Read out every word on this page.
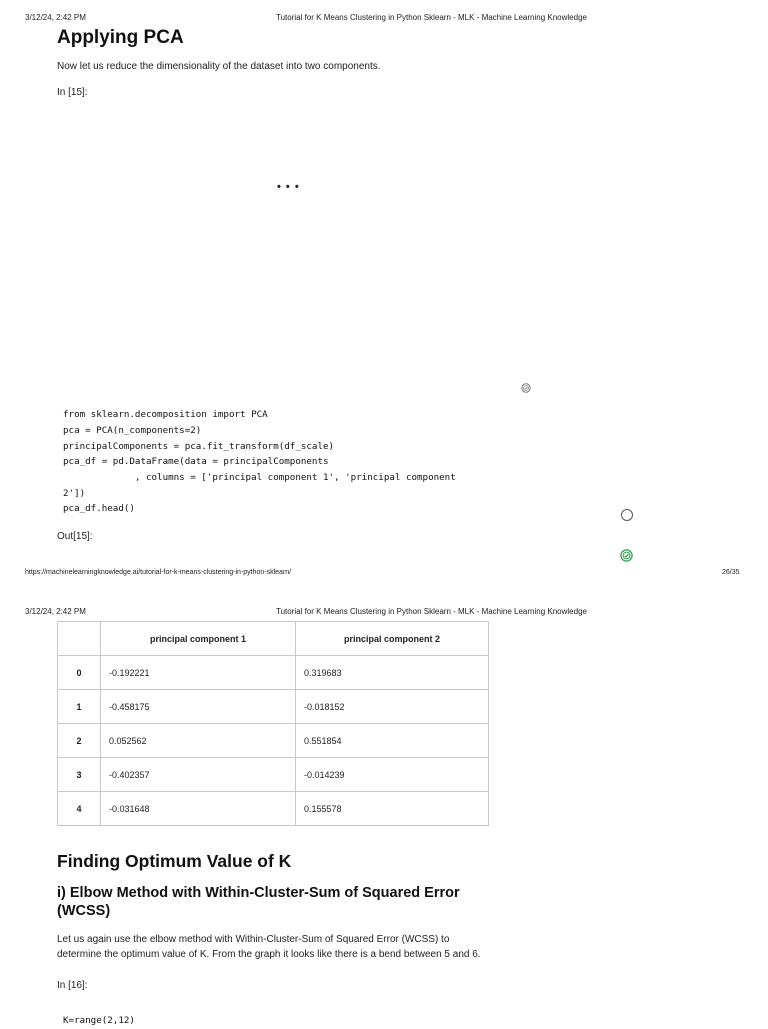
3/12/24, 2:42 PM	Tutorial for K Means Clustering in Python Sklearn - MLK - Machine Learning Knowledge
Applying PCA

Now let us reduce the dimensionality of the dataset into two components.

In [15]:

• • •
from sklearn.decomposition import PCA
pca = PCA(n_components=2)
principalComponents = pca.fit_transform(df_scale)
pca_df = pd.DataFrame(data = principalComponents
, columns = ['principal component 1', 'principal component
2'])
pca_df.head()

Out[15]:

https://machinelearningknowledge.ai/tutorial-for-k-means-clustering-in-python-sklearn/	26/35
3/12/24, 2:42 PM	Tutorial for K Means Clustering in Python Sklearn - MLK - Machine Learning Knowledge
	principal component 1	principal component 2
0	-0.192221	0.319683
1	-0.458175	-0.018152
2	0.052562	0.551854
3	-0.402357	-0.014239
4	-0.031648	0.155578
Finding Optimum Value of K
i) Elbow Method with Within-Cluster-Sum of Squared Error (WCSS)

Let us again use the elbow method with Within-Cluster-Sum of Squared Error (WCSS) to determine the optimum value of K. From the graph it looks like there is a bend between 5 and 6.

In [16]:

K=range(2,12)
